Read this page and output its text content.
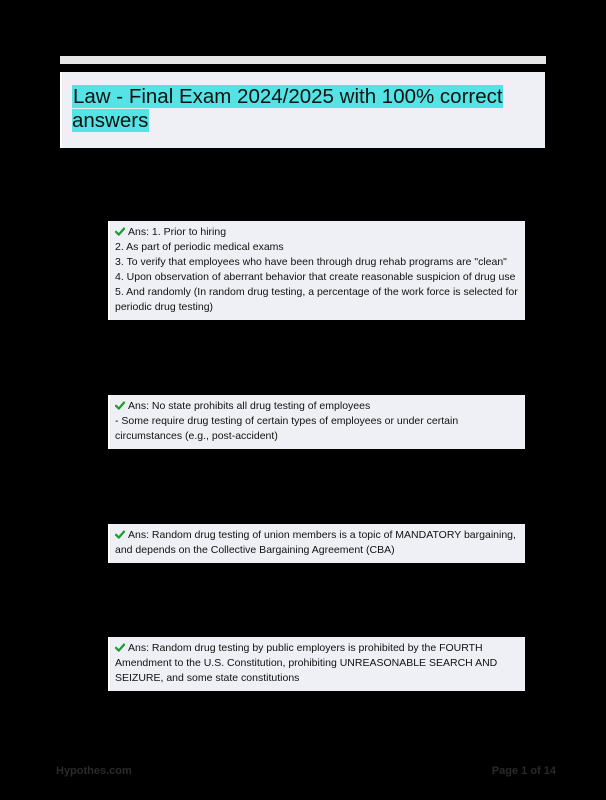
Law - Final Exam 2024/2025 with 100% correct answers

Ans: 1. Prior to hiring

2. As part of periodic medical exams

3. To verify that employees who have been through drug rehab programs are "clean"

4. Upon observation of aberrant behavior that create reasonable suspicion of drug use

5. And randomly (In random drug testing, a percentage of the work force is selected for periodic drug testing)

Ans: No state prohibits all drug testing of employees

- Some require drug testing of certain types of employees or under certain circumstances (e.g., post-accident)

Ans: Random drug testing of union members is a topic of MANDATORY bargaining, and depends on the Collective Bargaining Agreement (CBA)

Ans: Random drug testing by public employers is prohibited by the FOURTH Amendment to the U.S. Constitution, prohibiting UNREASONABLE SEARCH AND SEIZURE, and some state constitutions

Hypothes.com	Page 1 of 14
